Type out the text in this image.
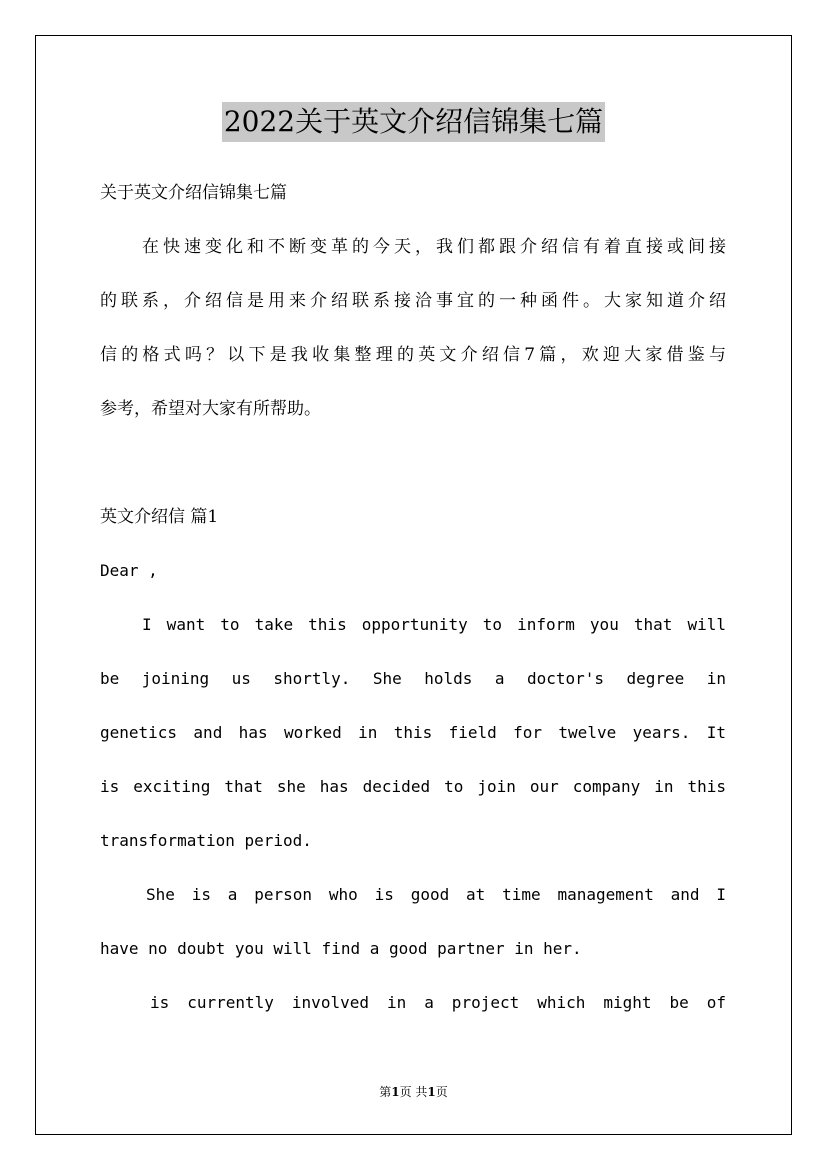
2022关于英文介绍信锦集七篇
关于英文介绍信锦集七篇
在快速变化和不断变革的今天，我们都跟介绍信有着直接或间接
的联系，介绍信是用来介绍联系接洽事宜的一种函件。大家知道介绍
信的格式吗？以下是我收集整理的英文介绍信7篇，欢迎大家借鉴与
参考，希望对大家有所帮助。
英文介绍信 篇1
Dear ,
I want to take this opportunity to inform you that will
be joining us shortly. She holds a doctor's degree in
genetics and has worked in this field for twelve years. It
is exciting that she has decided to join our company in this
transformation period.
She is a person who is good at time management and I
have no doubt you will find a good partner in her.
is currently involved in a project which might be of
第1页 共1页
